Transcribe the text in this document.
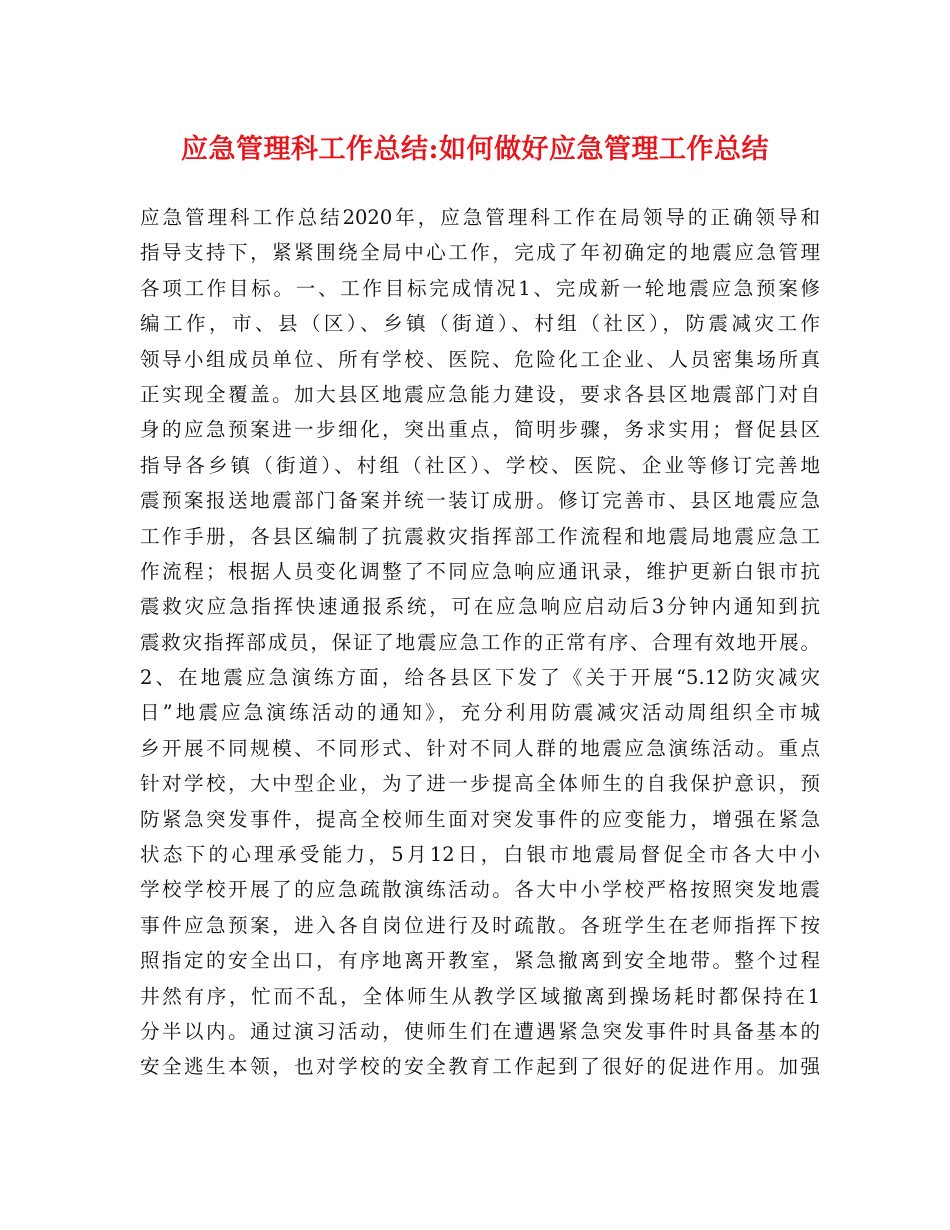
应急管理科工作总结:如何做好应急管理工作总结
应急管理科工作总结2020年，应急管理科工作在局领导的正确领导和
指导支持下，紧紧围绕全局中心工作，完成了年初确定的地震应急管理
各项工作目标。一、工作目标完成情况1、完成新一轮地震应急预案修
编工作，市、县（区）、乡镇（街道）、村组（社区），防震减灾工作
领导小组成员单位、所有学校、医院、危险化工企业、人员密集场所真
正实现全覆盖。加大县区地震应急能力建设，要求各县区地震部门对自
身的应急预案进一步细化，突出重点，简明步骤，务求实用；督促县区
指导各乡镇（街道）、村组（社区）、学校、医院、企业等修订完善地
震预案报送地震部门备案并统一装订成册。修订完善市、县区地震应急
工作手册，各县区编制了抗震救灾指挥部工作流程和地震局地震应急工
作流程；根据人员变化调整了不同应急响应通讯录，维护更新白银市抗
震救灾应急指挥快速通报系统，可在应急响应启动后3分钟内通知到抗
震救灾指挥部成员，保证了地震应急工作的正常有序、合理有效地开展。
2、在地震应急演练方面，给各县区下发了《关于开展“5.12防灾减灾
日”地震应急演练活动的通知》，充分利用防震减灾活动周组织全市城
乡开展不同规模、不同形式、针对不同人群的地震应急演练活动。重点
针对学校，大中型企业，为了进一步提高全体师生的自我保护意识，预
防紧急突发事件，提高全校师生面对突发事件的应变能力，增强在紧急
状态下的心理承受能力，5月12日，白银市地震局督促全市各大中小
学校学校开展了的应急疏散演练活动。各大中小学校严格按照突发地震
事件应急预案，进入各自岗位进行及时疏散。各班学生在老师指挥下按
照指定的安全出口，有序地离开教室，紧急撤离到安全地带。整个过程
井然有序，忙而不乱，全体师生从教学区域撤离到操场耗时都保持在1
分半以内。通过演习活动，使师生们在遭遇紧急突发事件时具备基本的
安全逃生本领，也对学校的安全教育工作起到了很好的促进作用。加强
